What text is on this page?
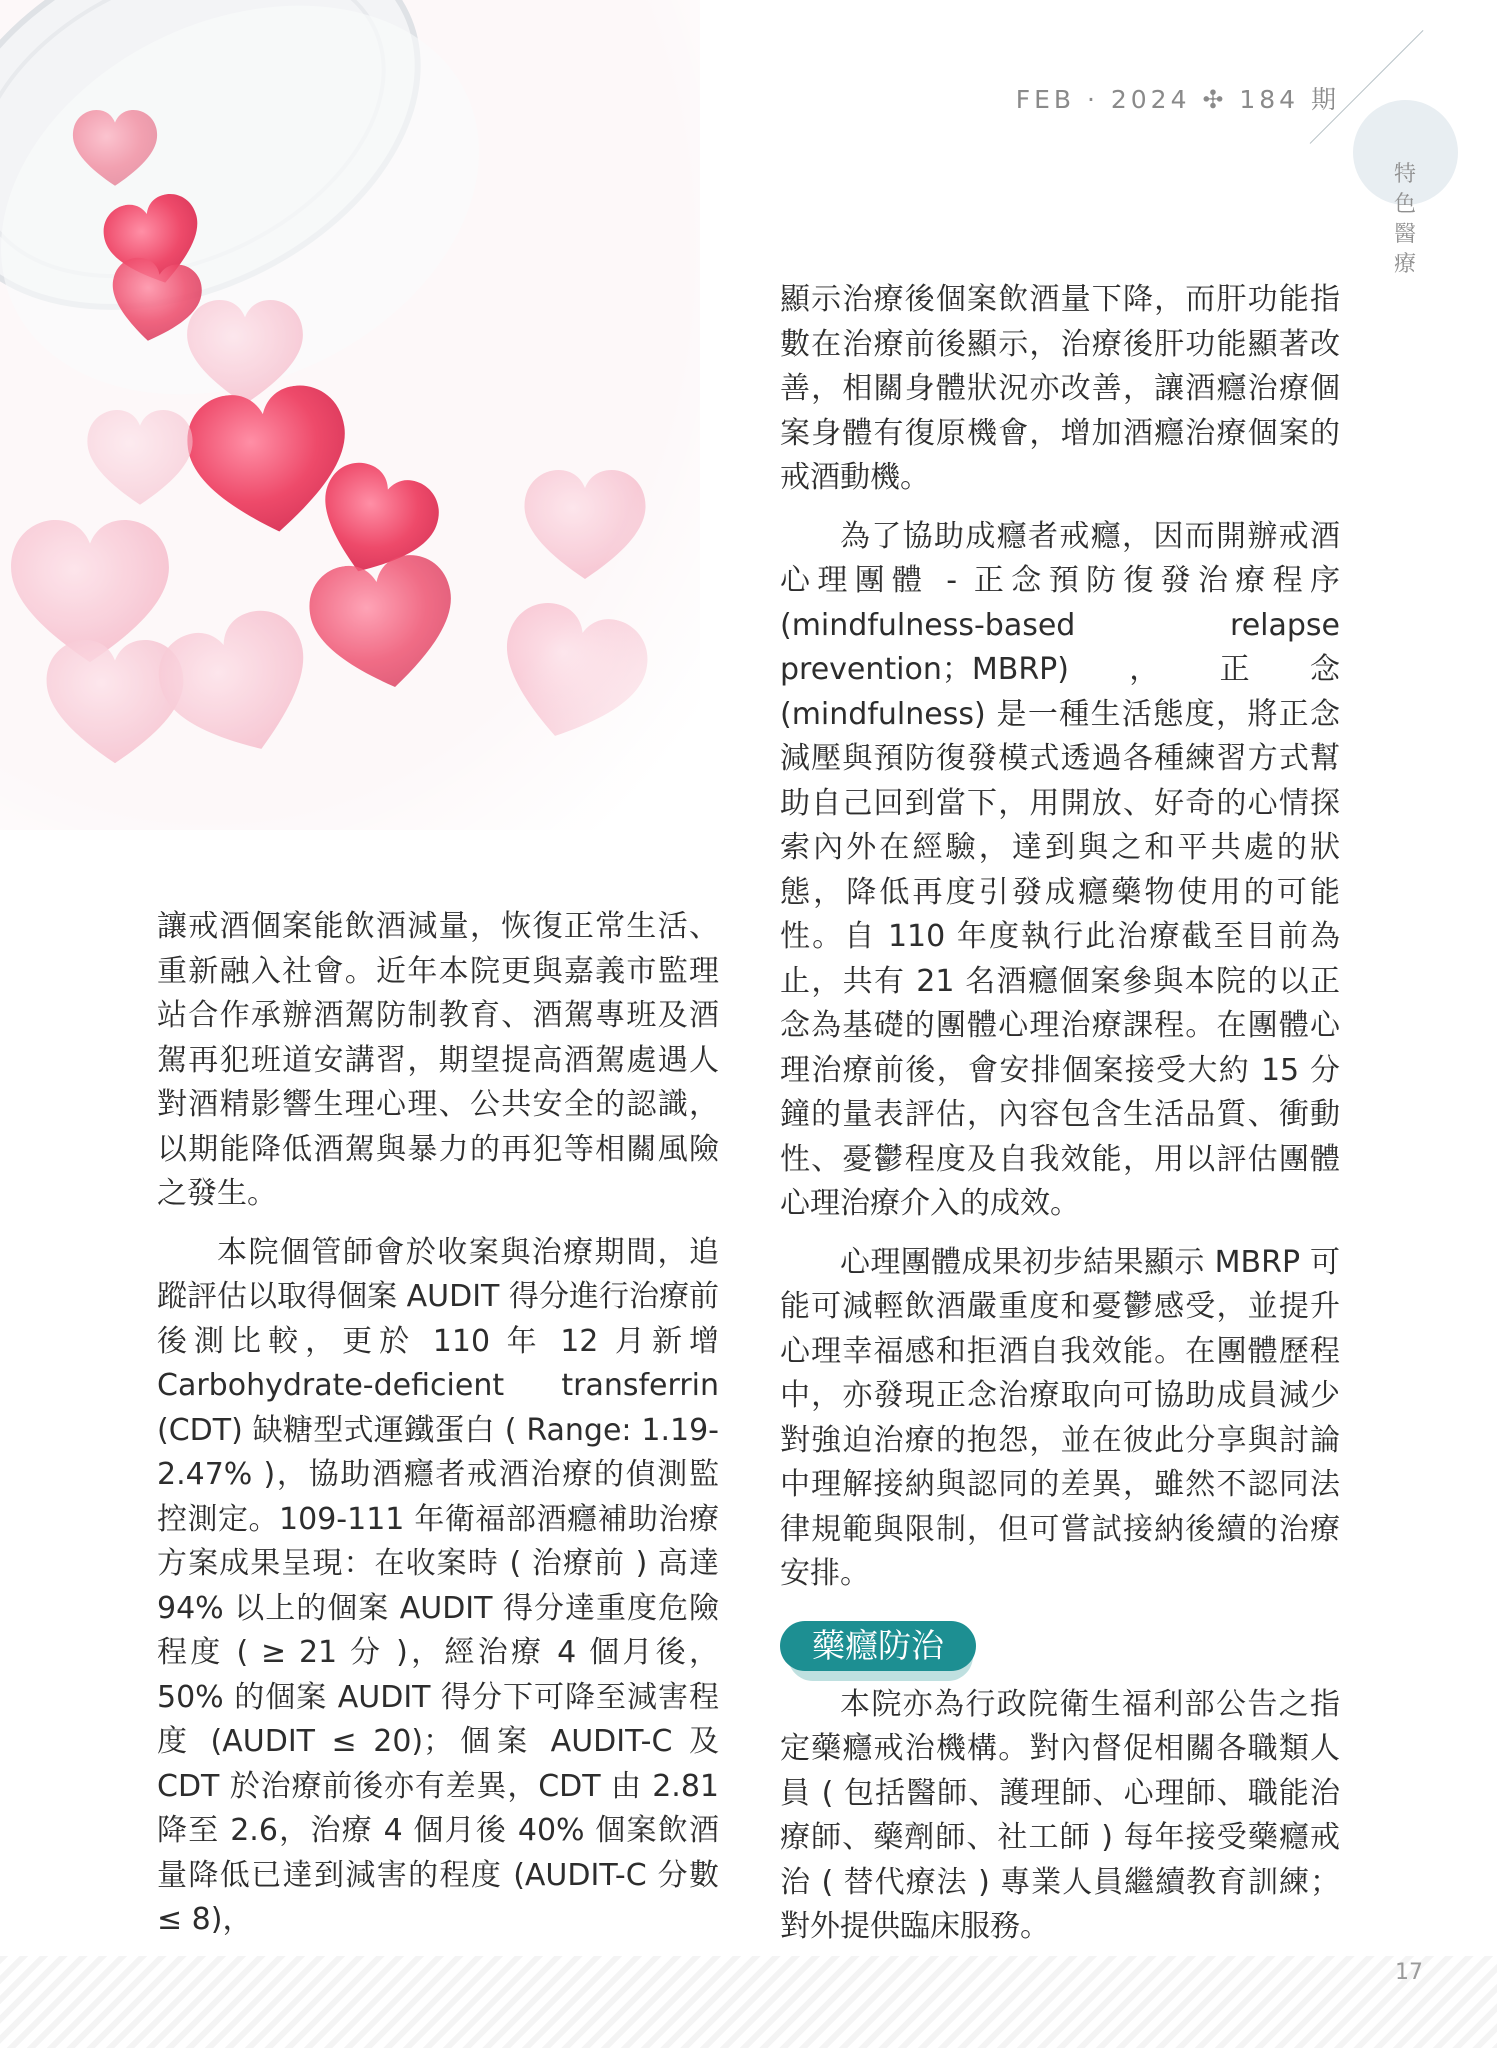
FEB · 2024 ✣ 184 期
特色醫療

讓戒酒個案能飲酒減量，恢復正常生活、重新融入社會。近年本院更與嘉義市監理站合作承辦酒駕防制教育、酒駕專班及酒駕再犯班道安講習，期望提高酒駕處遇人對酒精影響生理心理、公共安全的認識，以期能降低酒駕與暴力的再犯等相關風險之發生。

本院個管師會於收案與治療期間，追蹤評估以取得個案 AUDIT 得分進行治療前後測比較，更於 110 年 12 月新增 Carbohydrate-deficient transferrin (CDT) 缺糖型式運鐵蛋白 ( Range: 1.19-2.47% )，協助酒癮者戒酒治療的偵測監控測定。109-111 年衛福部酒癮補助治療方案成果呈現：在收案時 ( 治療前 ) 高達 94% 以上的個案 AUDIT 得分達重度危險程度 ( ≥ 21 分 )，經治療 4 個月後，50% 的個案 AUDIT 得分下可降至減害程度 (AUDIT ≤ 20)；個案 AUDIT-C 及 CDT 於治療前後亦有差異，CDT 由 2.81 降至 2.6，治療 4 個月後 40% 個案飲酒量降低已達到減害的程度 (AUDIT-C 分數≤ 8)，

顯示治療後個案飲酒量下降，而肝功能指數在治療前後顯示，治療後肝功能顯著改善，相關身體狀況亦改善，讓酒癮治療個案身體有復原機會，增加酒癮治療個案的戒酒動機。

為了協助成癮者戒癮，因而開辦戒酒心理團體 - 正念預防復發治療程序 (mindfulness-based relapse prevention；MBRP)，正念 (mindfulness) 是一種生活態度，將正念減壓與預防復發模式透過各種練習方式幫助自己回到當下，用開放、好奇的心情探索內外在經驗，達到與之和平共處的狀態，降低再度引發成癮藥物使用的可能性。自 110 年度執行此治療截至目前為止，共有 21 名酒癮個案參與本院的以正念為基礎的團體心理治療課程。在團體心理治療前後，會安排個案接受大約 15 分鐘的量表評估，內容包含生活品質、衝動性、憂鬱程度及自我效能，用以評估團體心理治療介入的成效。

心理團體成果初步結果顯示 MBRP 可能可減輕飲酒嚴重度和憂鬱感受，並提升心理幸福感和拒酒自我效能。在團體歷程中，亦發現正念治療取向可協助成員減少對強迫治療的抱怨，並在彼此分享與討論中理解接納與認同的差異，雖然不認同法律規範與限制，但可嘗試接納後續的治療安排。

藥癮防治

本院亦為行政院衛生福利部公告之指定藥癮戒治機構。對內督促相關各職類人員 ( 包括醫師、護理師、心理師、職能治療師、藥劑師、社工師 ) 每年接受藥癮戒治 ( 替代療法 ) 專業人員繼續教育訓練；對外提供臨床服務。

17
